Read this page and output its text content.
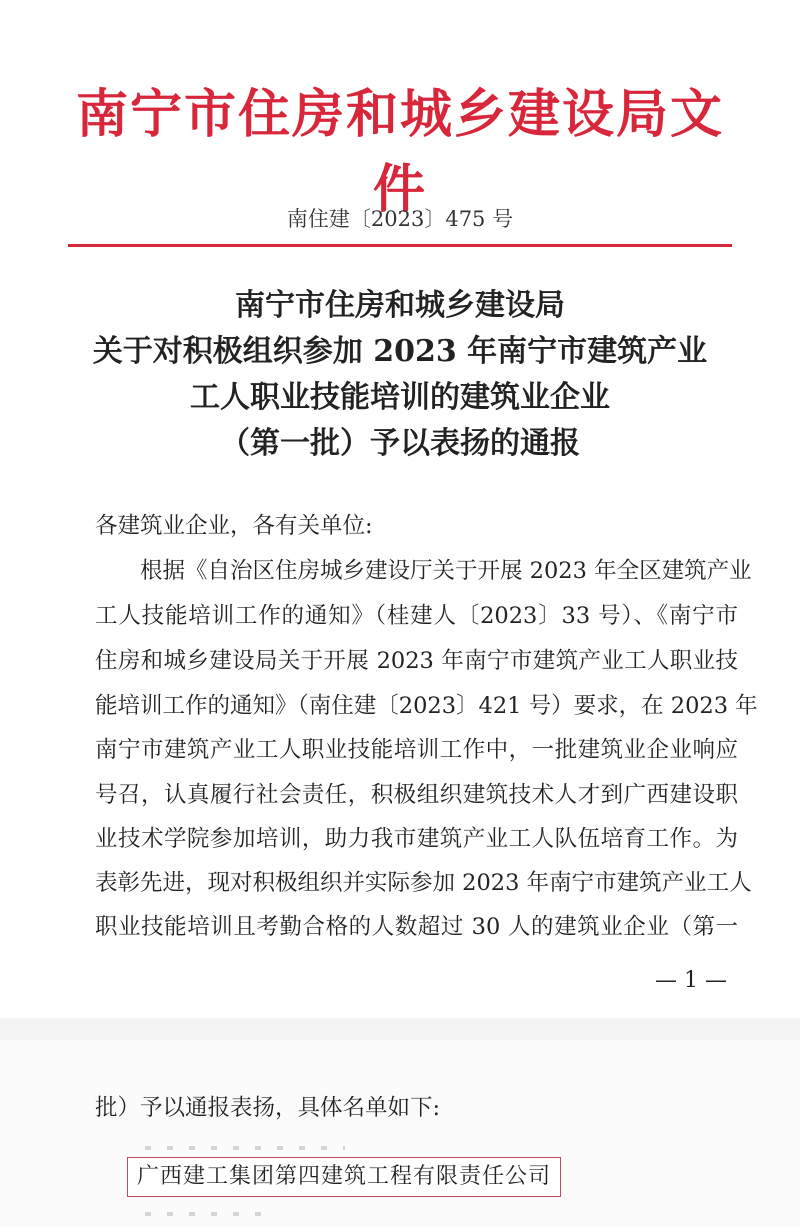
南宁市住房和城乡建设局文件
南住建〔2023〕475 号
南宁市住房和城乡建设局
关于对积极组织参加 2023 年南宁市建筑产业
工人职业技能培训的建筑业企业
（第一批）予以表扬的通报
各建筑业企业，各有关单位:
根据《自治区住房城乡建设厅关于开展 2023 年全区建筑产业
工人技能培训工作的通知》（桂建人〔2023〕33 号）、《南宁市
住房和城乡建设局关于开展 2023 年南宁市建筑产业工人职业技
能培训工作的通知》（南住建〔2023〕421 号）要求，在 2023 年
南宁市建筑产业工人职业技能培训工作中，一批建筑业企业响应
号召，认真履行社会责任，积极组织建筑技术人才到广西建设职
业技术学院参加培训，助力我市建筑产业工人队伍培育工作。为
表彰先进，现对积极组织并实际参加 2023 年南宁市建筑产业工人
职业技能培训且考勤合格的人数超过 30 人的建筑业企业（第一
— 1 —
批）予以通报表扬，具体名单如下:
广西建工集团第四建筑工程有限责任公司
